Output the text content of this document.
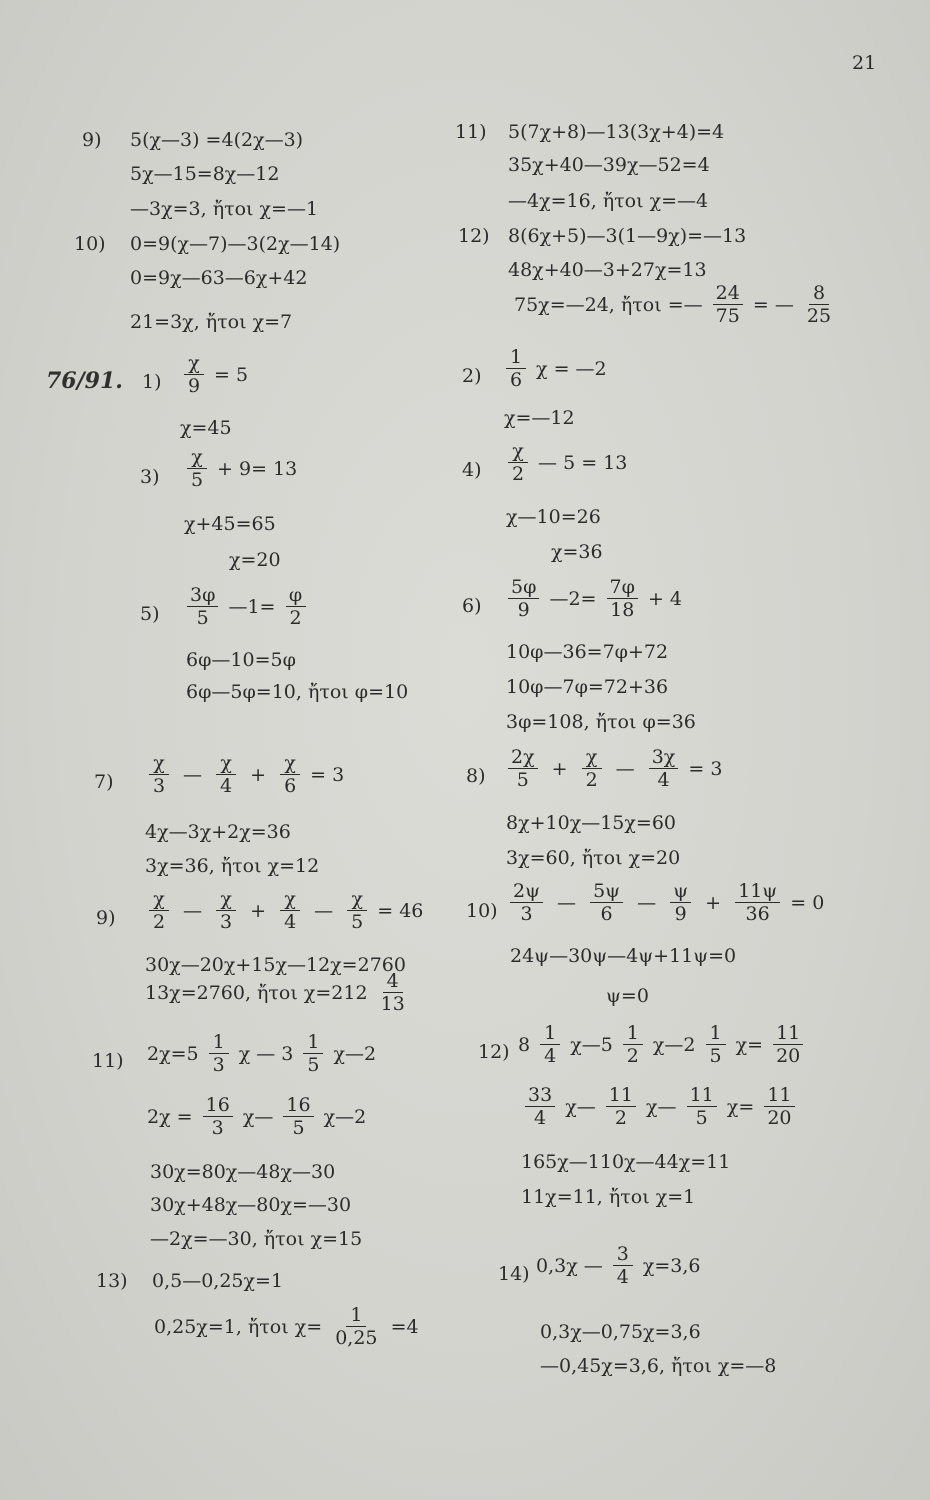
21
9) 5(χ—3) =4(2χ—3)
5χ—15=8χ—12
—3χ=3, ἤτοι χ=—1
10) 0=9(χ—7)—3(2χ—14)
0=9χ—63—6χ+42
21=3χ, ἤτοι χ=7
11) 5(7χ+8)—13(3χ+4)=4
35χ+40—39χ—52=4
—4χ=16, ἤτοι χ=—4
12) 8(6χ+5)—3(1—9χ)=—13
48χ+40—3+27χ=13
75χ=—24, ἤτοι =— $\frac{24}{75}$ = — $\frac{8}{25}$
76/91. $1) \frac{\chi}{9} = 5$
χ=45
$2) \frac{1}{6}$ χ = —2
χ=—12
$3) \frac{\chi}{5} + 9= 13$
χ+45=65
χ=20
$4) \frac{\chi}{2}$ — 5 = 13
χ—10=26
χ=36
$5) \frac{3\varphi}{5}$ —1= $\frac{\varphi}{2}$
6φ—10=5φ
6φ—5φ=10, ἤτοι φ=10
$6) \frac{5\varphi}{9}$ —2= $\frac{7\varphi}{18} + 4$
10φ—36=7φ+72
10φ—7φ=72+36
3φ=108, ἤτοι φ=36
$7) \frac{\chi}{3}$ — $\frac{\chi}{4} + \frac{\chi}{6} = 3$
4χ—3χ+2χ=36
3χ=36, ἤτοι χ=12
$8) \frac{2\chi}{5} + \frac{\chi}{2}$ — $\frac{3\chi}{4} = 3$
8χ+10χ—15χ=60
3χ=60, ἤτοι χ=20
$9) \frac{\chi}{2}$ — $\frac{\chi}{3} + \frac{\chi}{4}$ — $\frac{\chi}{5} = 46$
30χ—20χ+15χ—12χ=2760
13χ=2760, ἤτοι $\chi=212 \frac{4}{13}$
$10) \frac{2\psi}{3}$ — $\frac{5\psi}{6}$ — $\frac{\psi}{9} + \frac{11\psi}{36} = 0$
24ψ—30ψ—4ψ+11ψ=0
ψ=0
11) $2\chi=5 \frac{1}{3}$ χ — $3 \frac{1}{5}$ χ—2
$2\chi = \frac{16}{3}$ χ— $\frac{16}{5}$ χ—2
30χ=80χ—48χ—30
30χ+48χ—80χ=—30
—2χ=—30, ἤτοι χ=15
12) $8 \frac{1}{4}$ χ—5 $\frac{1}{2}$ χ—2 $\frac{1}{5} \chi= \frac{11}{20}$
$\frac{33}{4}$ χ— $\frac{11}{2}$ χ— $\frac{11}{5} \chi= \frac{11}{20}$
165χ—110χ—44χ=11
11χ=11, ἤτοι χ=1
13) 0,5—0,25χ=1
0,25χ=1, ἤτοι $\chi= \frac{1}{0,25} =4$
14) 0,3χ — $\frac{3}{4} \chi=3,6$
0,3χ—0,75χ=3,6
—0,45χ=3,6, ἤτοι χ=—8
